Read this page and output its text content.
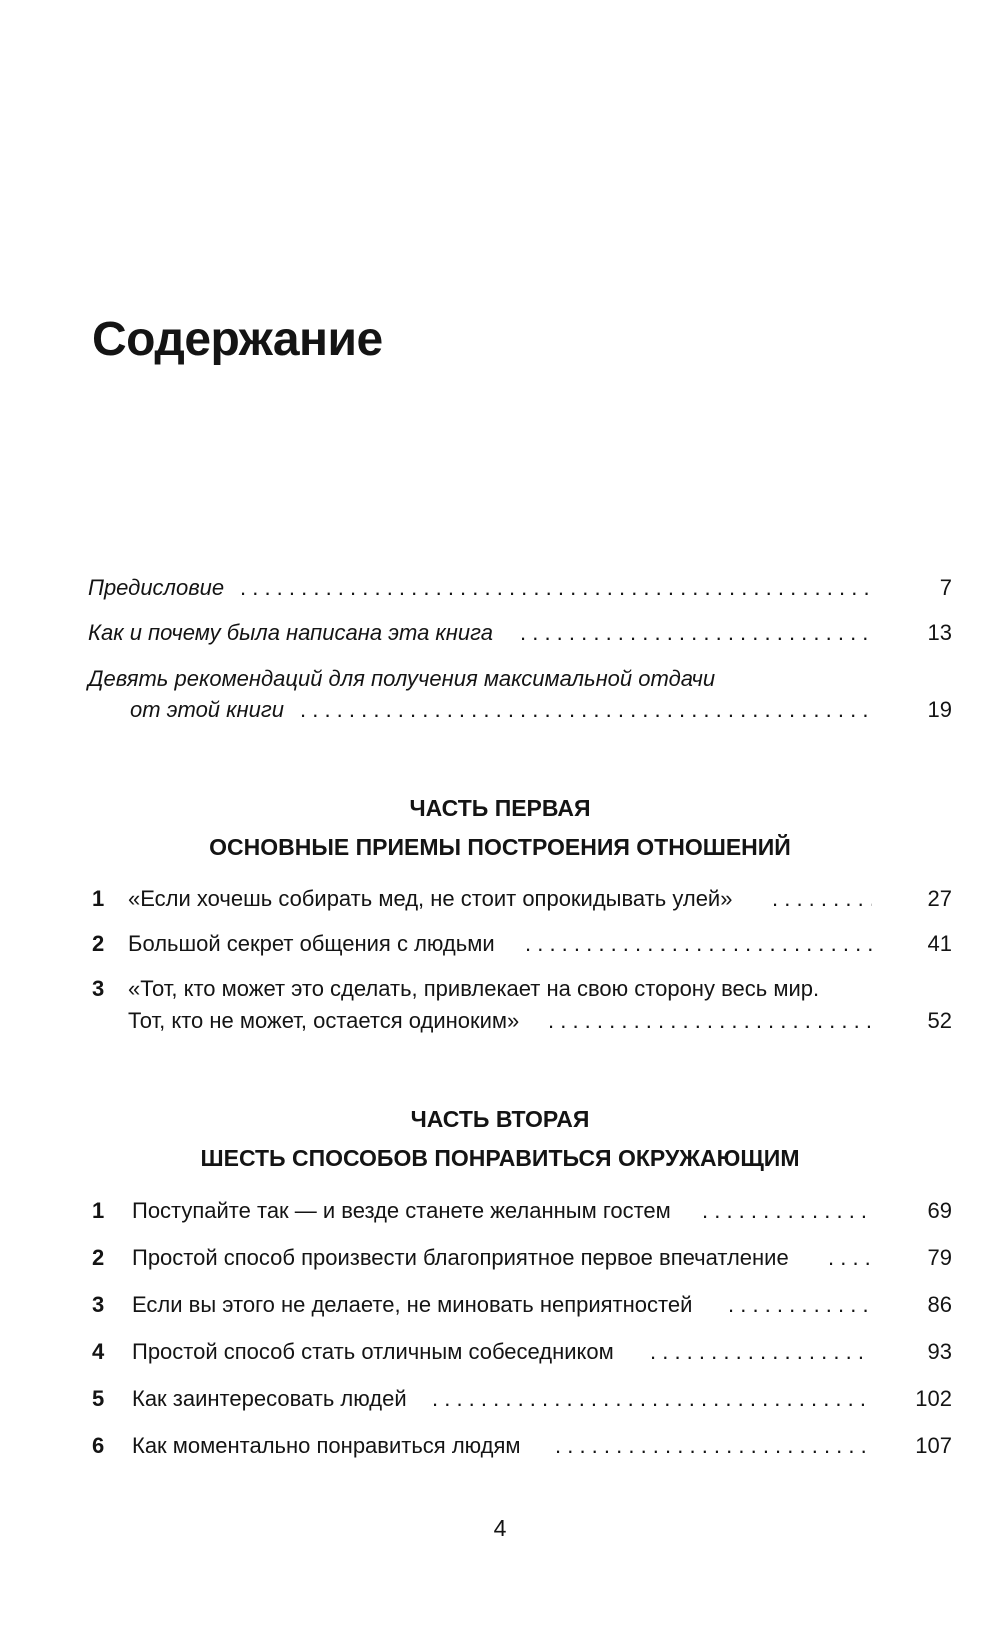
Содержание
Предисловие . . .	7
Как и почему была написана эта книга . . .	13
Девять рекомендаций для получения максимальной отдачи
от этой книги . . .	19
ЧАСТЬ ПЕРВАЯ
ОСНОВНЫЕ ПРИЕМЫ ПОСТРОЕНИЯ ОТНОШЕНИЙ
1 «Если хочешь собирать мед, не стоит опрокидывать улей» . . .	27
2 Большой секрет общения с людьми . . .	41
3 «Тот, кто может это сделать, привлекает на свою сторону весь мир.
Тот, кто не может, остается одиноким» . . .	52
ЧАСТЬ ВТОРАЯ
ШЕСТЬ СПОСОБОВ ПОНРАВИТЬСЯ ОКРУЖАЮЩИМ
1 Поступайте так — и везде станете желанным гостем . . .	69
2 Простой способ произвести благоприятное первое впечатление . . .	79
3 Если вы этого не делаете, не миновать неприятностей . . .	86
4 Простой способ стать отличным собеседником . . .	93
5 Как заинтересовать людей . . .	102
6 Как моментально понравиться людям . . .	107
4
